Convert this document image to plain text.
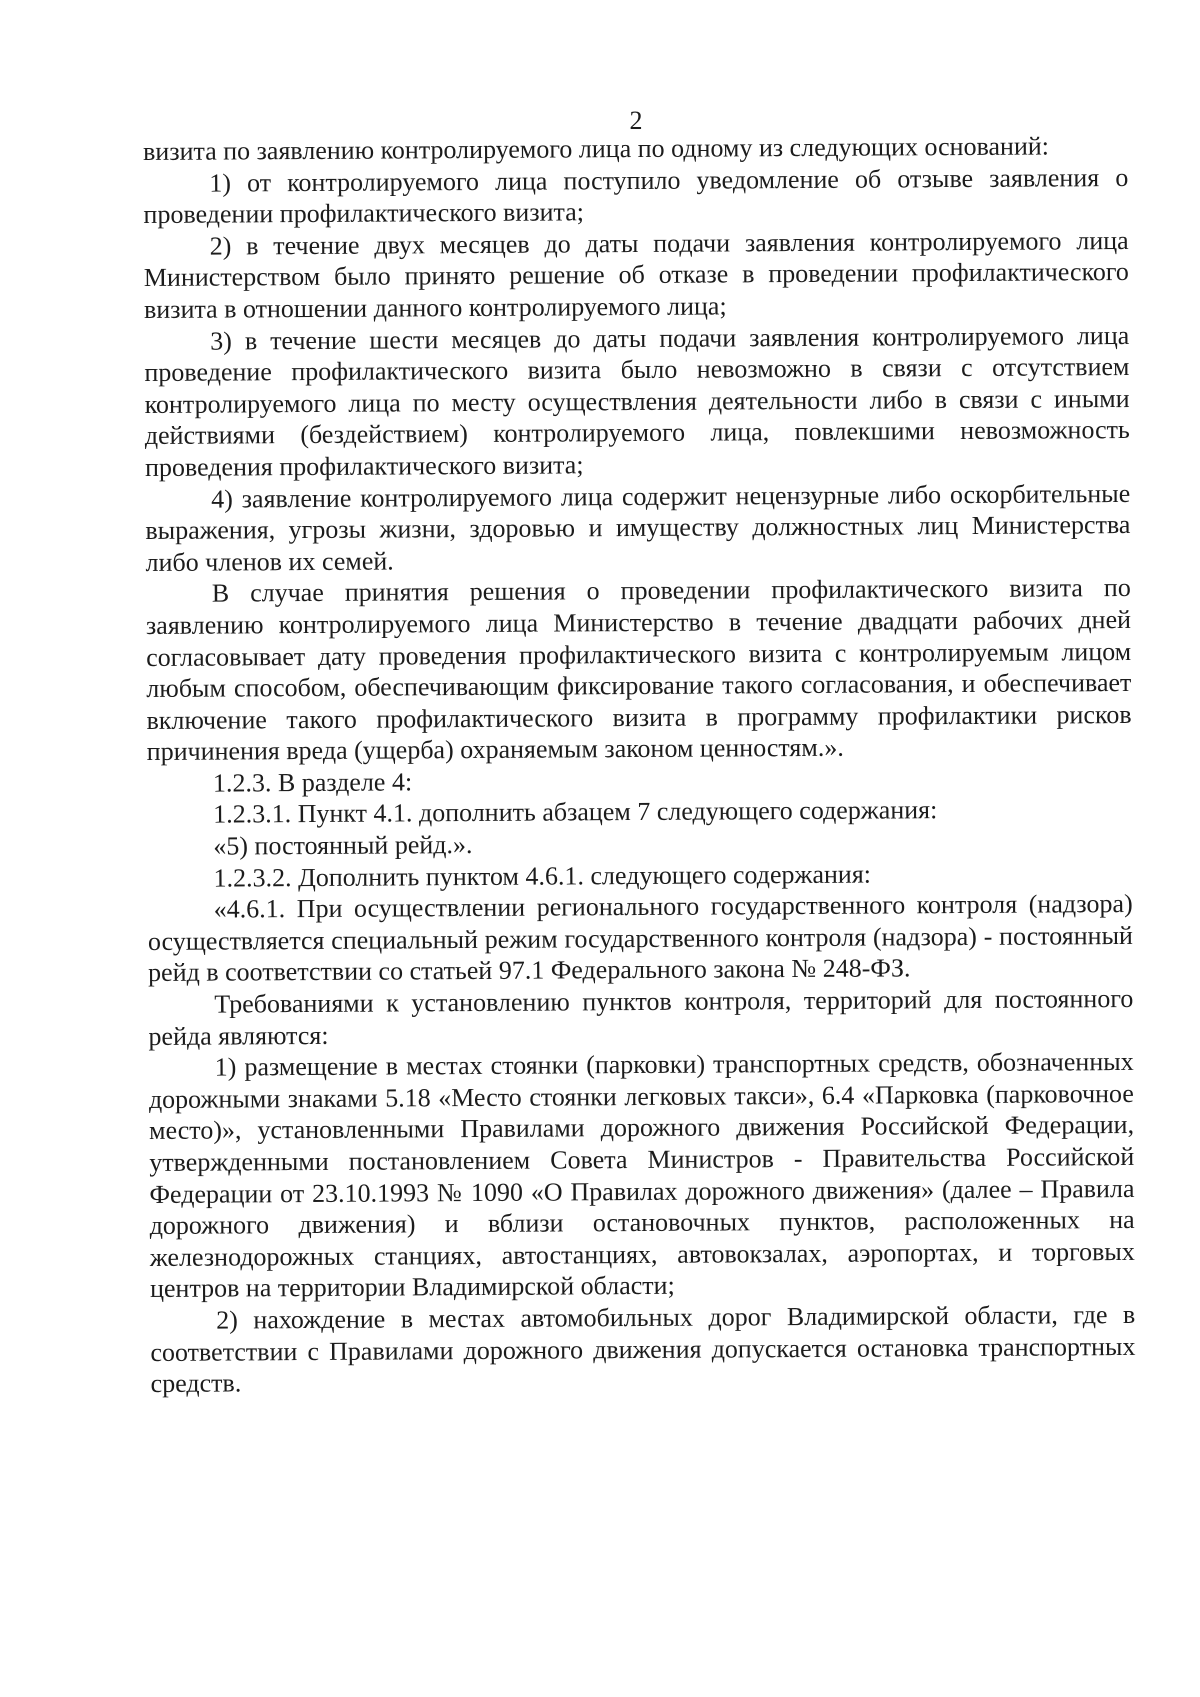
2

визита по заявлению контролируемого лица по одному из следующих оснований:

1) от контролируемого лица поступило уведомление об отзыве заявления о проведении профилактического визита;

2) в течение двух месяцев до даты подачи заявления контролируемого лица Министерством было принято решение об отказе в проведении профилактического визита в отношении данного контролируемого лица;

3) в течение шести месяцев до даты подачи заявления контролируемого лица проведение профилактического визита было невозможно в связи с отсутствием контролируемого лица по месту осуществления деятельности либо в связи с иными действиями (бездействием) контролируемого лица, повлекшими невозможность проведения профилактического визита;

4) заявление контролируемого лица содержит нецензурные либо оскорбительные выражения, угрозы жизни, здоровью и имуществу должностных лиц Министерства либо членов их семей.

В случае принятия решения о проведении профилактического визита по заявлению контролируемого лица Министерство в течение двадцати рабочих дней согласовывает дату проведения профилактического визита с контролируемым лицом любым способом, обеспечивающим фиксирование такого согласования, и обеспечивает включение такого профилактического визита в программу профилактики рисков причинения вреда (ущерба) охраняемым законом ценностям.».

1.2.3. В разделе 4:

1.2.3.1. Пункт 4.1. дополнить абзацем 7 следующего содержания:

«5) постоянный рейд.».

1.2.3.2. Дополнить пунктом 4.6.1. следующего содержания:

«4.6.1. При осуществлении регионального государственного контроля (надзора) осуществляется специальный режим государственного контроля (надзора) - постоянный рейд в соответствии со статьей 97.1 Федерального закона № 248-ФЗ.

Требованиями к установлению пунктов контроля, территорий для постоянного рейда являются:

1) размещение в местах стоянки (парковки) транспортных средств, обозначенных дорожными знаками 5.18 «Место стоянки легковых такси», 6.4 «Парковка (парковочное место)», установленными Правилами дорожного движения Российской Федерации, утвержденными постановлением Совета Министров - Правительства Российской Федерации от 23.10.1993 № 1090 «О Правилах дорожного движения» (далее – Правила дорожного движения) и вблизи остановочных пунктов, расположенных на железнодорожных станциях, автостанциях, автовокзалах, аэропортах, и торговых центров на территории Владимирской области;

2) нахождение в местах автомобильных дорог Владимирской области, где в соответствии с Правилами дорожного движения допускается остановка транспортных средств.
